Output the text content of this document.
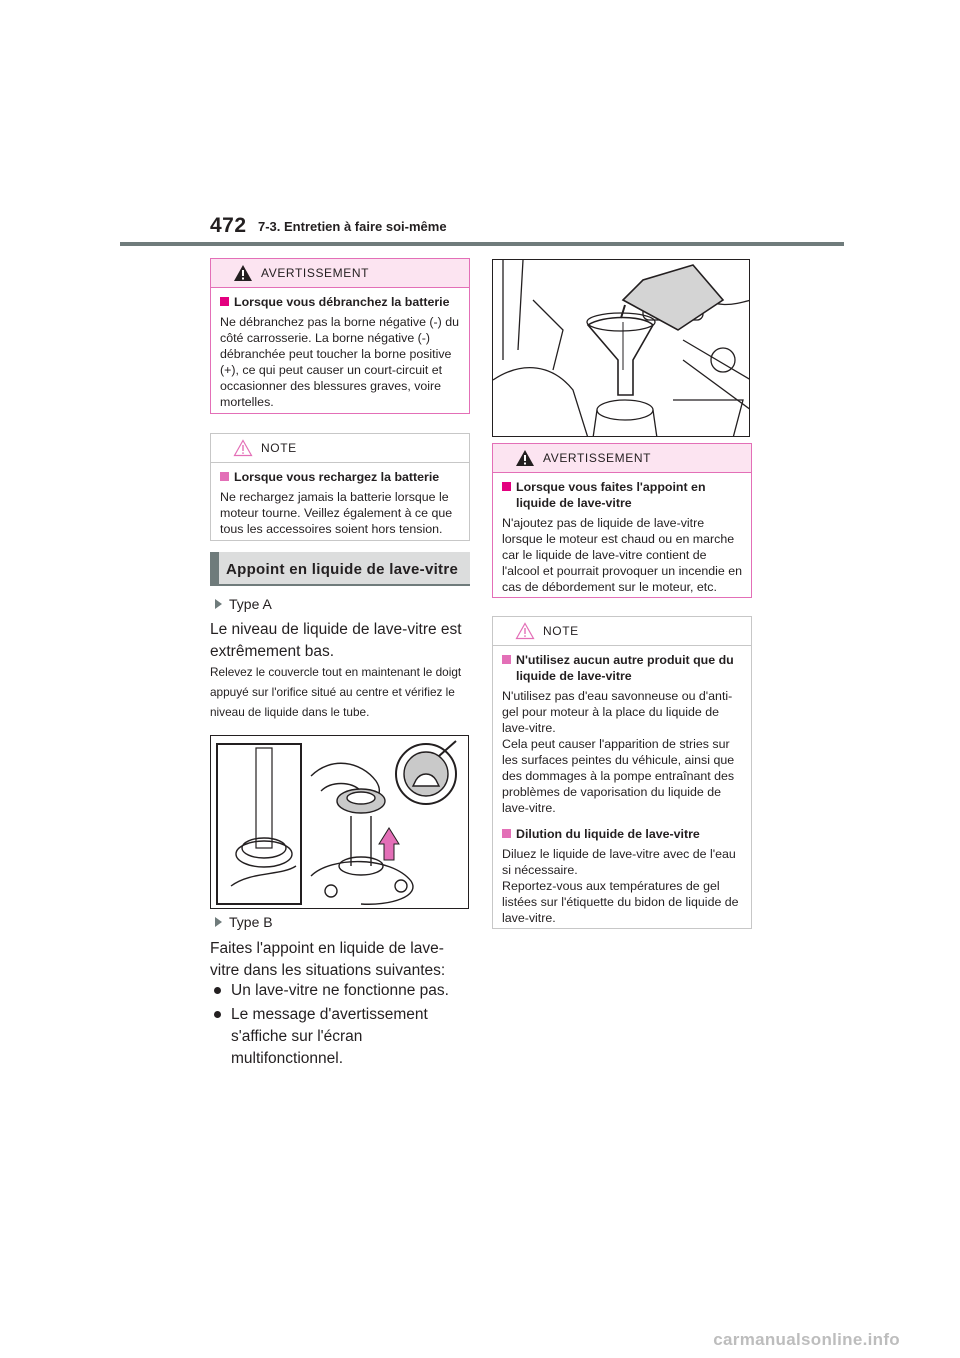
472 7-3. Entretien à faire soi-même
AVERTISSEMENT
Lorsque vous débranchez la batterie
Ne débranchez pas la borne négative (-) du côté carrosserie. La borne négative (-) débranchée peut toucher la borne positive (+), ce qui peut causer un court-circuit et occasionner des blessures graves, voire mortelles.
NOTE
Lorsque vous rechargez la batterie
Ne rechargez jamais la batterie lorsque le moteur tourne. Veillez également à ce que tous les accessoires soient hors tension.
Appoint en liquide de lave-vitre
Type A
Le niveau de liquide de lave-vitre est extrêmement bas.
Relevez le couvercle tout en maintenant le doigt appuyé sur l'orifice situé au centre et vérifiez le niveau de liquide dans le tube.
Type B
Faites l'appoint en liquide de lave-vitre dans les situations suivantes:
Un lave-vitre ne fonctionne pas.
Le message d'avertissement s'affiche sur l'écran multifonctionnel.
AVERTISSEMENT
Lorsque vous faites l'appoint en liquide de lave-vitre
N'ajoutez pas de liquide de lave-vitre lorsque le moteur est chaud ou en marche car le liquide de lave-vitre contient de l'alcool et pourrait provoquer un incendie en cas de débordement sur le moteur, etc.
NOTE
N'utilisez aucun autre produit que du liquide de lave-vitre
N'utilisez pas d'eau savonneuse ou d'anti-gel pour moteur à la place du liquide de lave-vitre.
Cela peut causer l'apparition de stries sur les surfaces peintes du véhicule, ainsi que des dommages à la pompe entraînant des problèmes de vaporisation du liquide de lave-vitre.
Dilution du liquide de lave-vitre
Diluez le liquide de lave-vitre avec de l'eau si nécessaire.
Reportez-vous aux températures de gel listées sur l'étiquette du bidon de liquide de lave-vitre.
carmanualsonline.info
